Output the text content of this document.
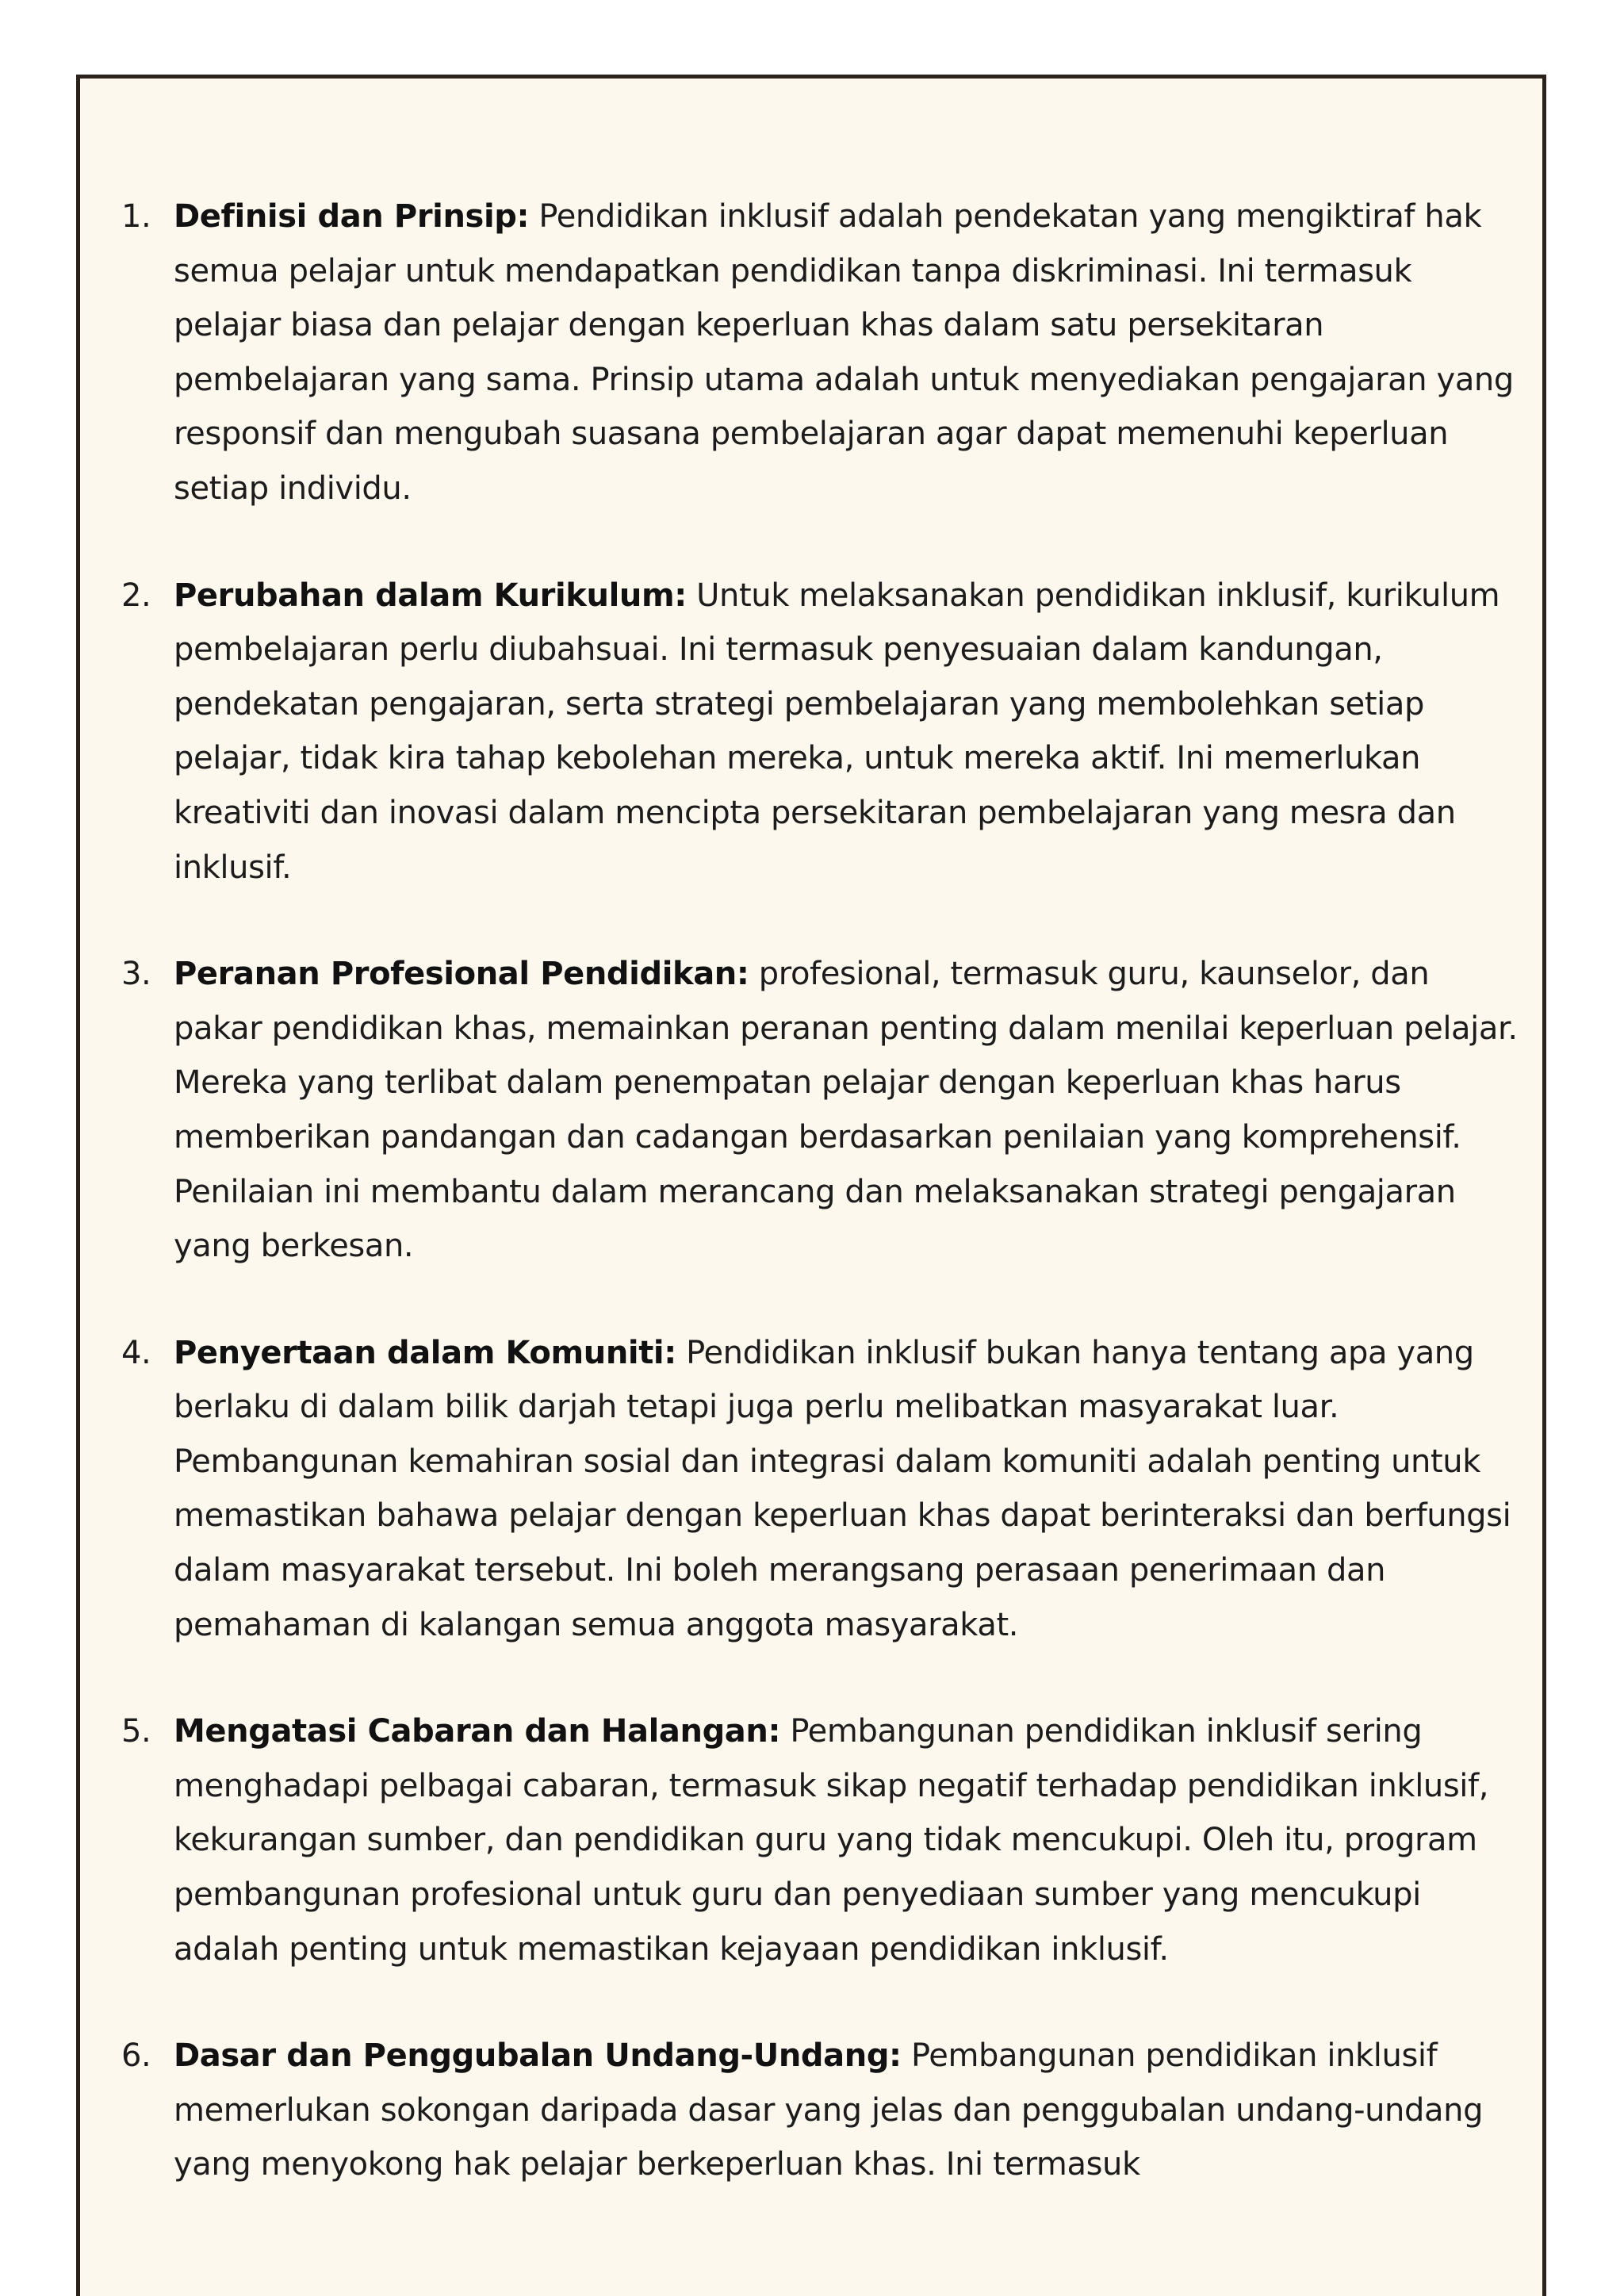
1. Definisi dan Prinsip: Pendidikan inklusif adalah pendekatan yang mengiktiraf hak semua pelajar untuk mendapatkan pendidikan tanpa diskriminasi. Ini termasuk pelajar biasa dan pelajar dengan keperluan khas dalam satu persekitaran pembelajaran yang sama. Prinsip utama adalah untuk menyediakan pengajaran yang responsif dan mengubah suasana pembelajaran agar dapat memenuhi keperluan setiap individu.
2. Perubahan dalam Kurikulum: Untuk melaksanakan pendidikan inklusif, kurikulum pembelajaran perlu diubahsuai. Ini termasuk penyesuaian dalam kandungan, pendekatan pengajaran, serta strategi pembelajaran yang membolehkan setiap pelajar, tidak kira tahap kebolehan mereka, untuk mereka aktif. Ini memerlukan kreativiti dan inovasi dalam mencipta persekitaran pembelajaran yang mesra dan inklusif.
3. Peranan Profesional Pendidikan: profesional, termasuk guru, kaunselor, dan pakar pendidikan khas, memainkan peranan penting dalam menilai keperluan pelajar. Mereka yang terlibat dalam penempatan pelajar dengan keperluan khas harus memberikan pandangan dan cadangan berdasarkan penilaian yang komprehensif. Penilaian ini membantu dalam merancang dan melaksanakan strategi pengajaran yang berkesan.
4. Penyertaan dalam Komuniti: Pendidikan inklusif bukan hanya tentang apa yang berlaku di dalam bilik darjah tetapi juga perlu melibatkan masyarakat luar. Pembangunan kemahiran sosial dan integrasi dalam komuniti adalah penting untuk memastikan bahawa pelajar dengan keperluan khas dapat berinteraksi dan berfungsi dalam masyarakat tersebut. Ini boleh merangsang perasaan penerimaan dan pemahaman di kalangan semua anggota masyarakat.
5. Mengatasi Cabaran dan Halangan: Pembangunan pendidikan inklusif sering menghadapi pelbagai cabaran, termasuk sikap negatif terhadap pendidikan inklusif, kekurangan sumber, dan pendidikan guru yang tidak mencukupi. Oleh itu, program pembangunan profesional untuk guru dan penyediaan sumber yang mencukupi adalah penting untuk memastikan kejayaan pendidikan inklusif.
6. Dasar dan Penggubalan Undang-Undang: Pembangunan pendidikan inklusif memerlukan sokongan daripada dasar yang jelas dan penggubalan undang-undang yang menyokong hak pelajar berkeperluan khas. Ini termasuk
